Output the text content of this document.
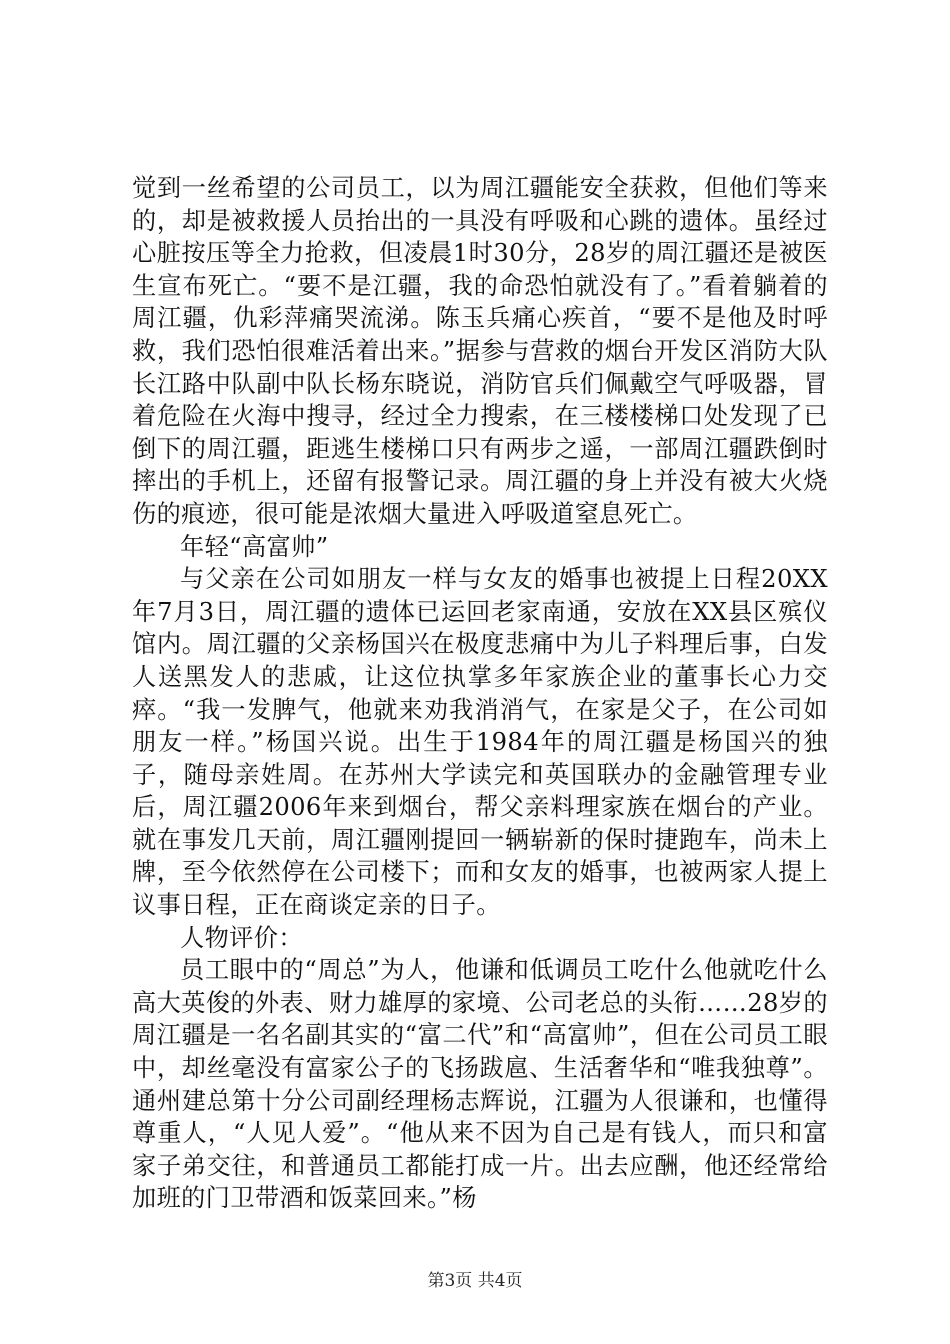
觉到一丝希望的公司员工，以为周江疆能安全获救，但他们等来的，却是被救援人员抬出的一具没有呼吸和心跳的遗体。虽经过心脏按压等全力抢救，但凌晨1时30分，28岁的周江疆还是被医生宣布死亡。“要不是江疆，我的命恐怕就没有了。”看着躺着的周江疆，仇彩萍痛哭流涕。陈玉兵痛心疾首，“要不是他及时呼救，我们恐怕很难活着出来。”据参与营救的烟台开发区消防大队长江路中队副中队长杨东晓说，消防官兵们佩戴空气呼吸器，冒着危险在火海中搜寻，经过全力搜索，在三楼楼梯口处发现了已倒下的周江疆，距逃生楼梯口只有两步之遥，一部周江疆跌倒时摔出的手机上，还留有报警记录。周江疆的身上并没有被大火烧伤的痕迹，很可能是浓烟大量进入呼吸道窒息死亡。

年轻“高富帅”

与父亲在公司如朋友一样与女友的婚事也被提上日程20XX年7月3日，周江疆的遗体已运回老家南通，安放在XX县区殡仪馆内。周江疆的父亲杨国兴在极度悲痛中为儿子料理后事，白发人送黑发人的悲戚，让这位执掌多年家族企业的董事长心力交瘁。“我一发脾气，他就来劝我消消气，在家是父子，在公司如朋友一样。”杨国兴说。出生于1984年的周江疆是杨国兴的独子，随母亲姓周。在苏州大学读完和英国联办的金融管理专业后，周江疆2006年来到烟台，帮父亲料理家族在烟台的产业。就在事发几天前，周江疆刚提回一辆崭新的保时捷跑车，尚未上牌，至今依然停在公司楼下；而和女友的婚事，也被两家人提上议事日程，正在商谈定亲的日子。

人物评价：

员工眼中的“周总”为人，他谦和低调员工吃什么他就吃什么高大英俊的外表、财力雄厚的家境、公司老总的头衔……28岁的周江疆是一名名副其实的“富二代”和“高富帅”，但在公司员工眼中，却丝毫没有富家公子的飞扬跋扈、生活奢华和“唯我独尊”。通州建总第十分公司副经理杨志辉说，江疆为人很谦和，也懂得尊重人，“人见人爱”。“他从来不因为自己是有钱人，而只和富家子弟交往，和普通员工都能打成一片。出去应酬，他还经常给加班的门卫带酒和饭菜回来。”杨

第3页 共4页
